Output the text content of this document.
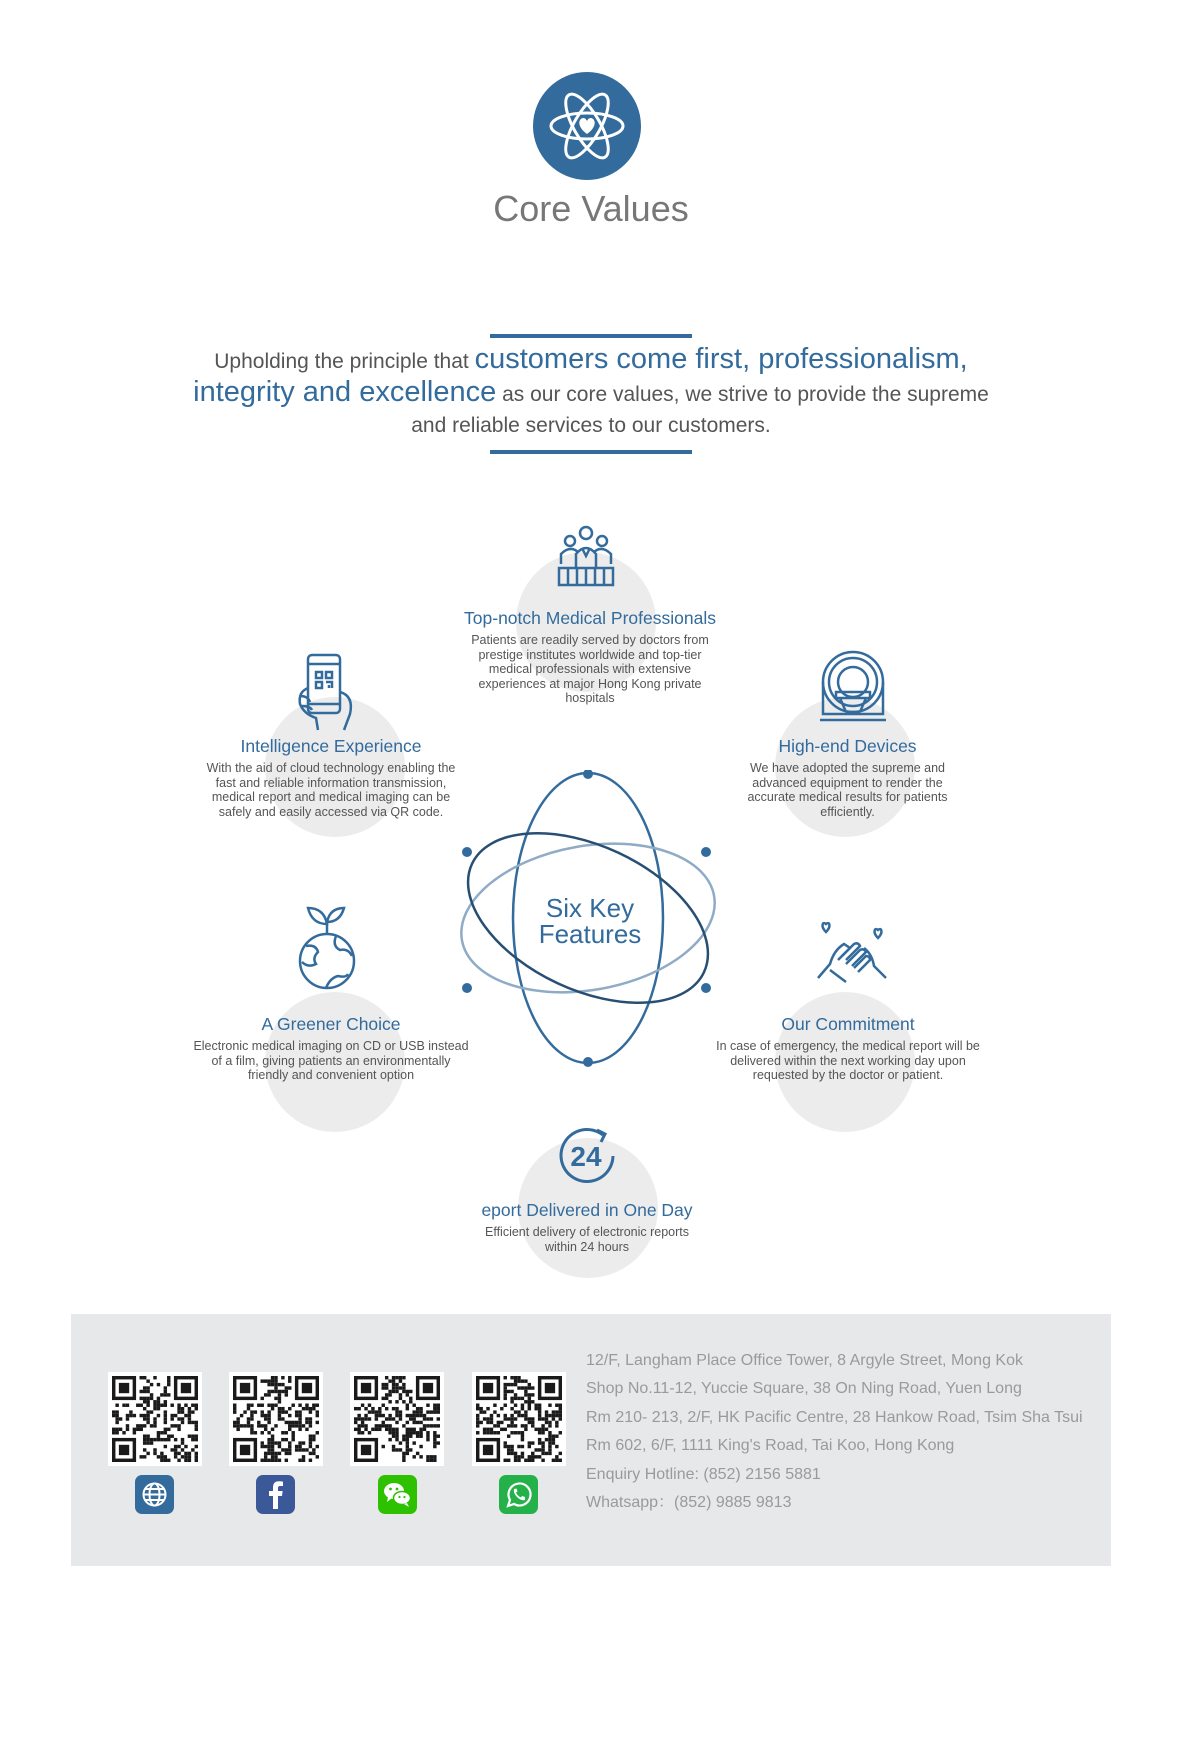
Core Values
Upholding the principle that customers come first, professionalism,
integrity and excellence as our core values, we strive to provide the supreme
and reliable services to our customers.
Six Key
Features
24
Top-notch Medical Professionals

Patients are readily served by doctors from prestige institutes worldwide and top-tier medical professionals with extensive experiences at major Hong Kong private hospitals

Intelligence Experience

With the aid of cloud technology enabling the fast and reliable information transmission, medical report and medical imaging can be safely and easily accessed via QR code.

High-end Devices

We have adopted the supreme and advanced equipment to render the accurate medical results for patients efficiently.

A Greener Choice

Electronic medical imaging on CD or USB instead of a film, giving patients an environmentally friendly and convenient option

Our Commitment

In case of emergency, the medical report will be delivered within the next working day upon requested by the doctor or patient.

eport Delivered in One Day

Efficient delivery of electronic reports within 24 hours

12/F, Langham Place Office Tower, 8 Argyle Street, Mong Kok
Shop No.11-12, Yuccie Square, 38 On Ning Road, Yuen Long
Rm 210- 213, 2/F, HK Pacific Centre, 28 Hankow Road, Tsim Sha Tsui
Rm 602, 6/F, 1111 King's Road, Tai Koo, Hong Kong
Enquiry Hotline: (852) 2156 5881
Whatsapp：(852) 9885 9813
